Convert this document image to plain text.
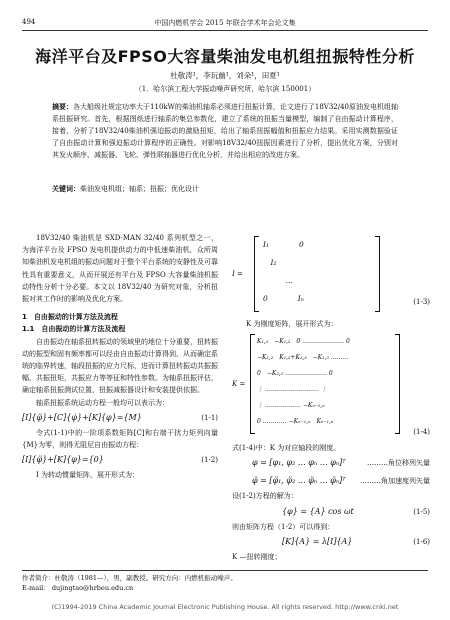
494	中国内燃机学会 2015 年联合学术年会论文集
海洋平台及FPSO大容量柴油发电机组扭振特性分析
杜敬涛¹，李玩幽¹，刘朵¹，田夏¹
（1．哈尔滨工程大学振动噪声研究所，哈尔滨 150001）
摘要：各大船级社规定功率大于110kW的柴油机轴系必须进行扭振计算，论文进行了18V32/40原油发电机组轴系扭振研究。首先，根据图纸进行轴系的集总参数化，建立了系统的扭振当量模型，编制了自由振动计算程序，接着，分析了18V32/40柴油机强迫振动的激励扭矩，给出了轴系扭振幅值和扭振应力结果。采用实测数据验证了自由振动计算和强迫振动计算程序的正确性。对影响18V32/40扭振因素进行了分析，提出优化方案，分别对其发火顺序、减振器、飞轮、弹性联轴器进行优化分析，并给出相应的改进方案。
关键词：柴油发电机组；轴系；扭振；优化设计

18V32/40 柴油机是 SXD-MAN 32/40 系列机型之一，为海洋平台及 FPSO 发电机提供动力的中低速柴油机，众所周知柴油机发电机组的振动问题对于整个平台系统的安静性及可靠性具有重要意义，从而开展还有平台及 FPSO 大容量柴油机振动特性分析十分必要。本文以 18V32/40 为研究对象，分析扭振对其工作时的影响及优化方案。

1　自由振动的计算方法及流程

1.1　自由振动的计算方法及流程

自由振动在轴系扭转振动的领域里的地位十分重要，扭转振动的振型和固有频率都可以经由自由振动计算得到，从而确定系统的临界转速，轴段扭振的应力尺标，进而计算扭转振动共振振幅，共振扭矩，共振应力等等征和特性参数。为轴系扭振评估，确定轴系扭振测试位置，扭振减振器设计和安装提供依据。

轴系扭振系统运动方程一般均可以表示为：

[I]{φ̈}+[C]{φ̇}+[K]{φ}={M}	(1-1)

令式(1-1)中的一阶项系数矩阵[C]和右端干扰力矩列向量{M}为零，则得无阻尼自由振动方程：

[I]{φ̈}+[K]{φ}={0}	(1-2)

I 为转动惯量矩阵，展开形式为：

I =
I₁　　　　0
　I₂
　　　…
0　　　　Iₙ	(1-3)

K 为刚度矩阵，展开形式为：

K =
K₁,₂　−K₁,₂　0 ………………… 0
−K₁,₂　K₁,₂+K₂,₃　−K₂,₃ ………
0　−K₂,₃ ………………… 0
⋮ ……………………… ⋮
⋮ ……………… −Kₙ₋₁,ₙ
0 ………… −Kₙ₋₁,ₙ　Kₙ₋₁,ₙ
(1-4)

式(1-4)中：K 为对应轴段的刚度。

φ = [φ₁, φ₂ … φₙ … φₙ]ᵀ	………角位移列矢量
φ̈ = [φ̈₁, φ̈₂ … φ̈ₙ … φ̈ₙ]ᵀ ………角加速度列矢量

设(1-2)方程的解为：

{φ} = {A} cos ωt	(1-5)

则由矩阵方程（1-2）可以得到：

[K]{A} = λ[I]{A}	(1-6)

K —扭转刚度；

作者简介：杜敬涛（1981—），男，副教授。研究方向：内燃机振动噪声。
E-mail： dujingtao@hrbeu.edu.cn
(C)1994-2019 China Academic Journal Electronic Publishing House. All rights reserved. http://www.cnki.net
